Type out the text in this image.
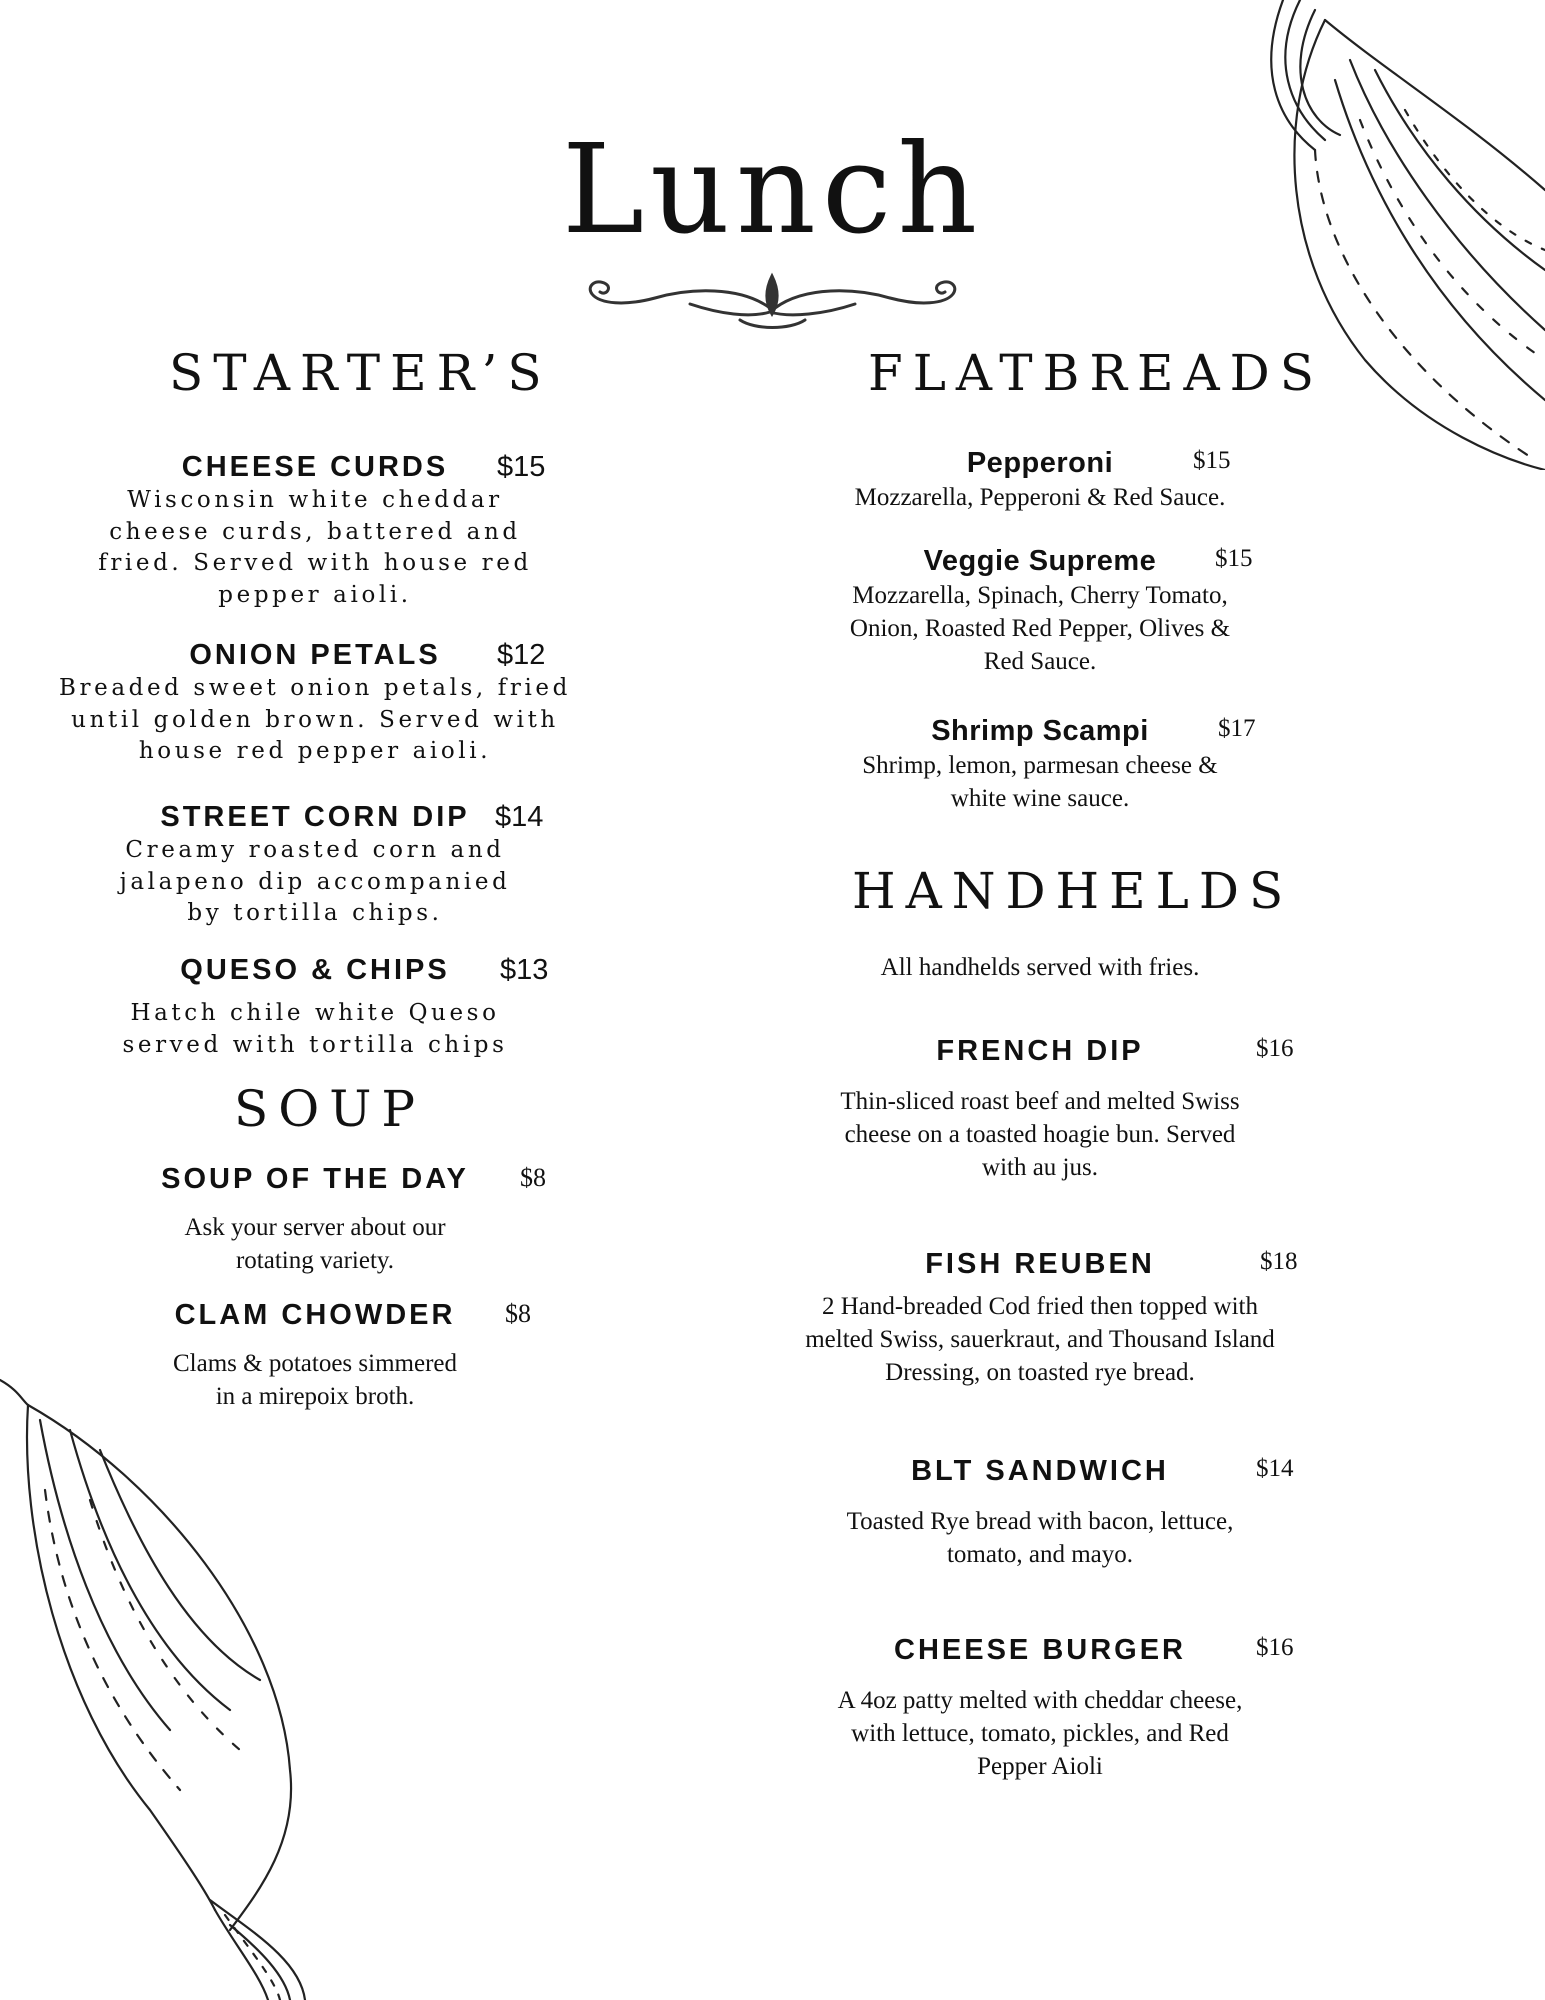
Lunch
STARTER’S
CHEESE CURDS $15

Wisconsin white cheddar cheese curds, battered and fried. Served with house red pepper aioli.

ONION PETALS $12

Breaded sweet onion petals, fried until golden brown. Served with house red pepper aioli.

STREET CORN DIP $14

Creamy roasted corn and jalapeno dip accompanied by tortilla chips.

QUESO & CHIPS $13

Hatch chile white Queso served with tortilla chips

SOUP
SOUP OF THE DAY $8

Ask your server about our rotating variety.

CLAM CHOWDER $8

Clams & potatoes simmered in a mirepoix broth.

FLATBREADS
Pepperoni	$15

Mozzarella, Pepperoni & Red Sauce.

Veggie Supreme $15

Mozzarella, Spinach, Cherry Tomato, Onion, Roasted Red Pepper, Olives & Red Sauce.

Shrimp Scampi	$17

Shrimp, lemon, parmesan cheese & white wine sauce.

HANDHELDS
All handhelds served with fries.
FRENCH DIP	$16

Thin-sliced roast beef and melted Swiss cheese on a toasted hoagie bun. Served with au jus.

FISH REUBEN	$18

2 Hand-breaded Cod fried then topped with melted Swiss, sauerkraut, and Thousand Island Dressing, on toasted rye bread.

BLT SANDWICH	$14

Toasted Rye bread with bacon, lettuce, tomato, and mayo.

CHEESE BURGER	$16

A 4oz patty melted with cheddar cheese, with lettuce, tomato, pickles, and Red Pepper Aioli
